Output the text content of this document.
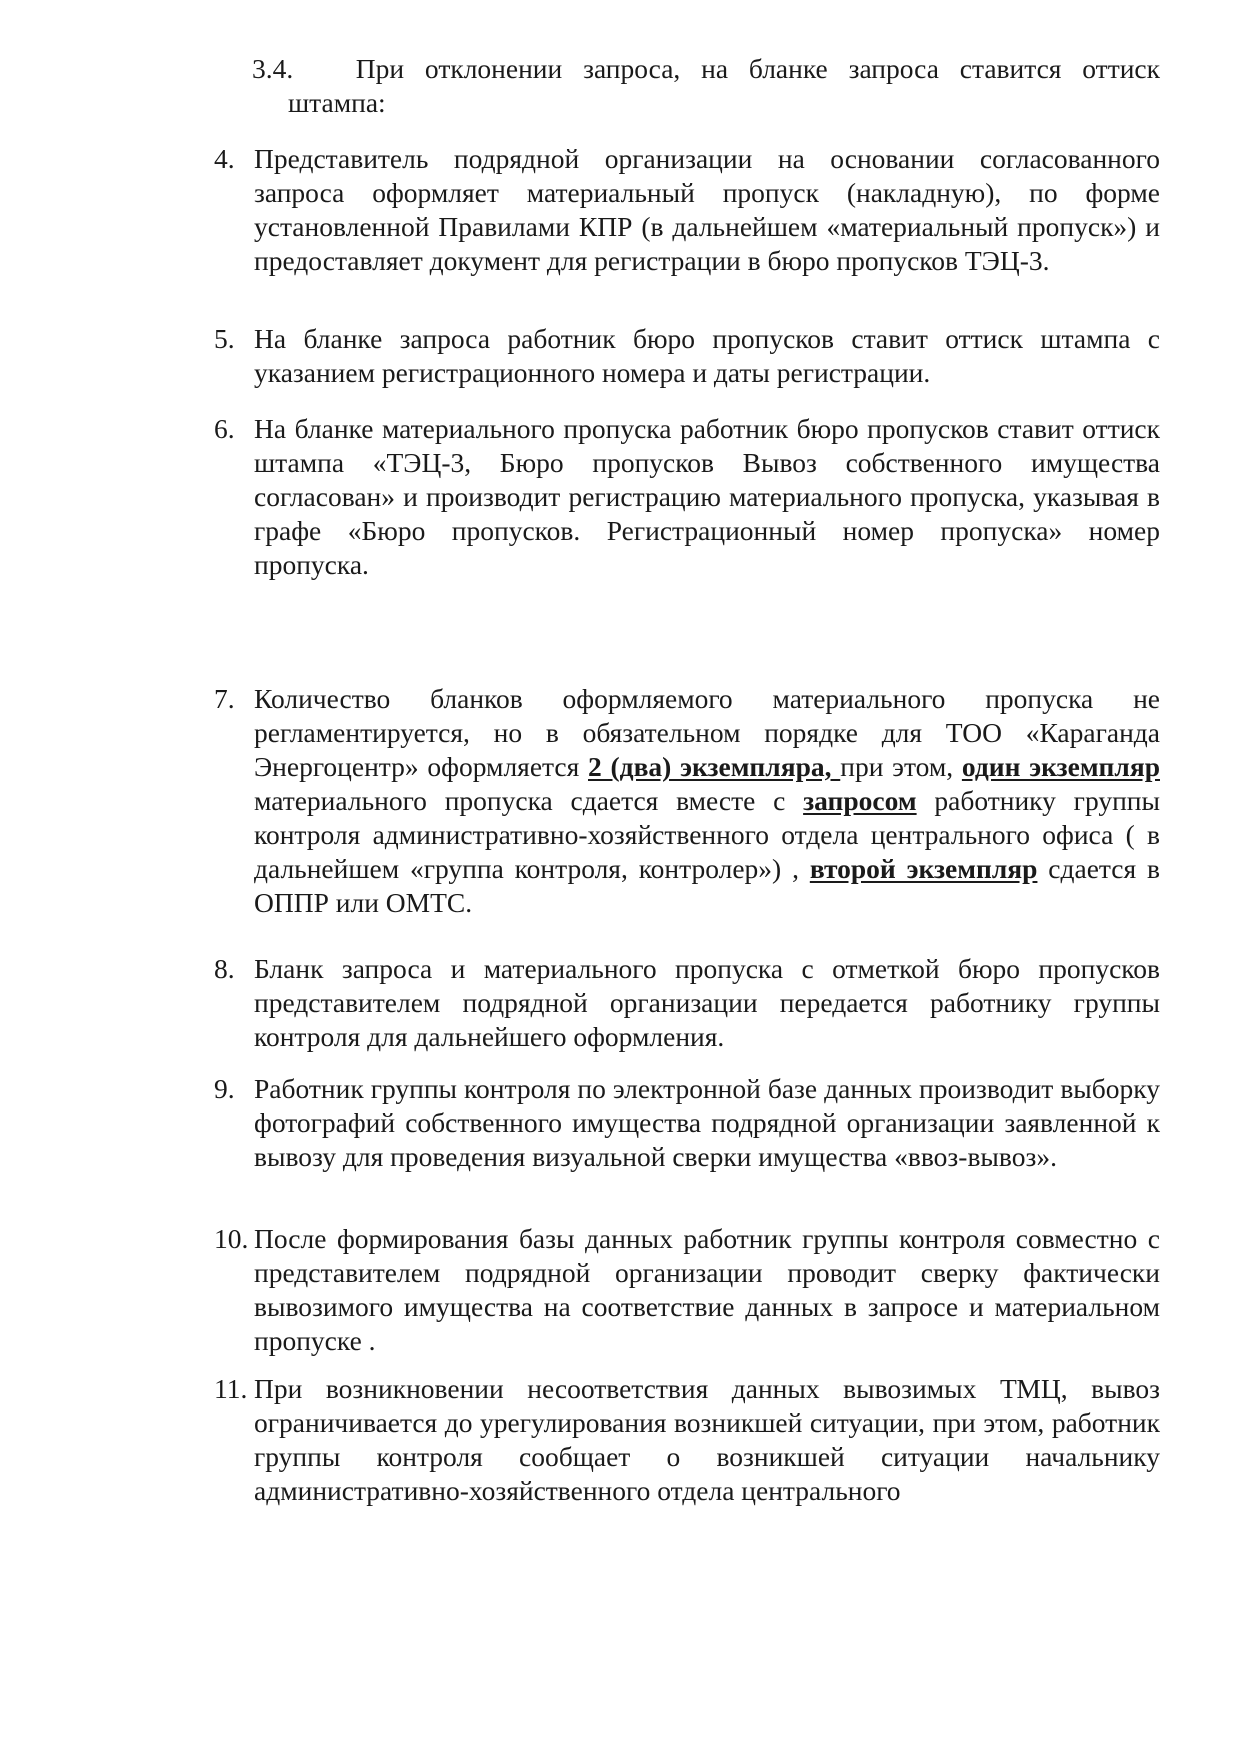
3.4. При отклонении запроса, на бланке запроса ставится оттиск
штампа:
4. Представитель подрядной организации на основании согласованного запроса оформляет материальный пропуск (накладную), по форме установленной Правилами КПР (в дальнейшем «материальный пропуск») и предоставляет документ для регистрации в бюро пропусков ТЭЦ-3.
5. На бланке запроса работник бюро пропусков ставит оттиск штампа с указанием регистрационного номера и даты регистрации.
6. На бланке материального пропуска работник бюро пропусков ставит оттиск штампа «ТЭЦ-3, Бюро пропусков Вывоз собственного имущества согласован» и производит регистрацию материального пропуска, указывая в графе «Бюро пропусков. Регистрационный номер пропуска» номер пропуска.
7. Количество бланков оформляемого материального пропуска не регламентируется, но в обязательном порядке для ТОО «Караганда Энергоцентр» оформляется 2 (два) экземпляра, при этом, один экземпляр материального пропуска сдается вместе с запросом работнику группы контроля административно-хозяйственного отдела центрального офиса ( в дальнейшем «группа контроля, контролер») , второй экземпляр сдается в ОППР или ОМТС.
8. Бланк запроса и материального пропуска с отметкой бюро пропусков представителем подрядной организации передается работнику группы контроля для дальнейшего оформления.
9. Работник группы контроля по электронной базе данных производит выборку фотографий собственного имущества подрядной организации заявленной к вывозу для проведения визуальной сверки имущества «ввоз-вывоз».
10. После формирования базы данных работник группы контроля совместно с представителем подрядной организации проводит сверку фактически вывозимого имущества на соответствие данных в запросе и материальном пропуске .
11. При возникновении несоответствия данных вывозимых ТМЦ, вывоз ограничивается до урегулирования возникшей ситуации, при этом, работник группы контроля сообщает о возникшей ситуации начальнику административно-хозяйственного отдела центрального
